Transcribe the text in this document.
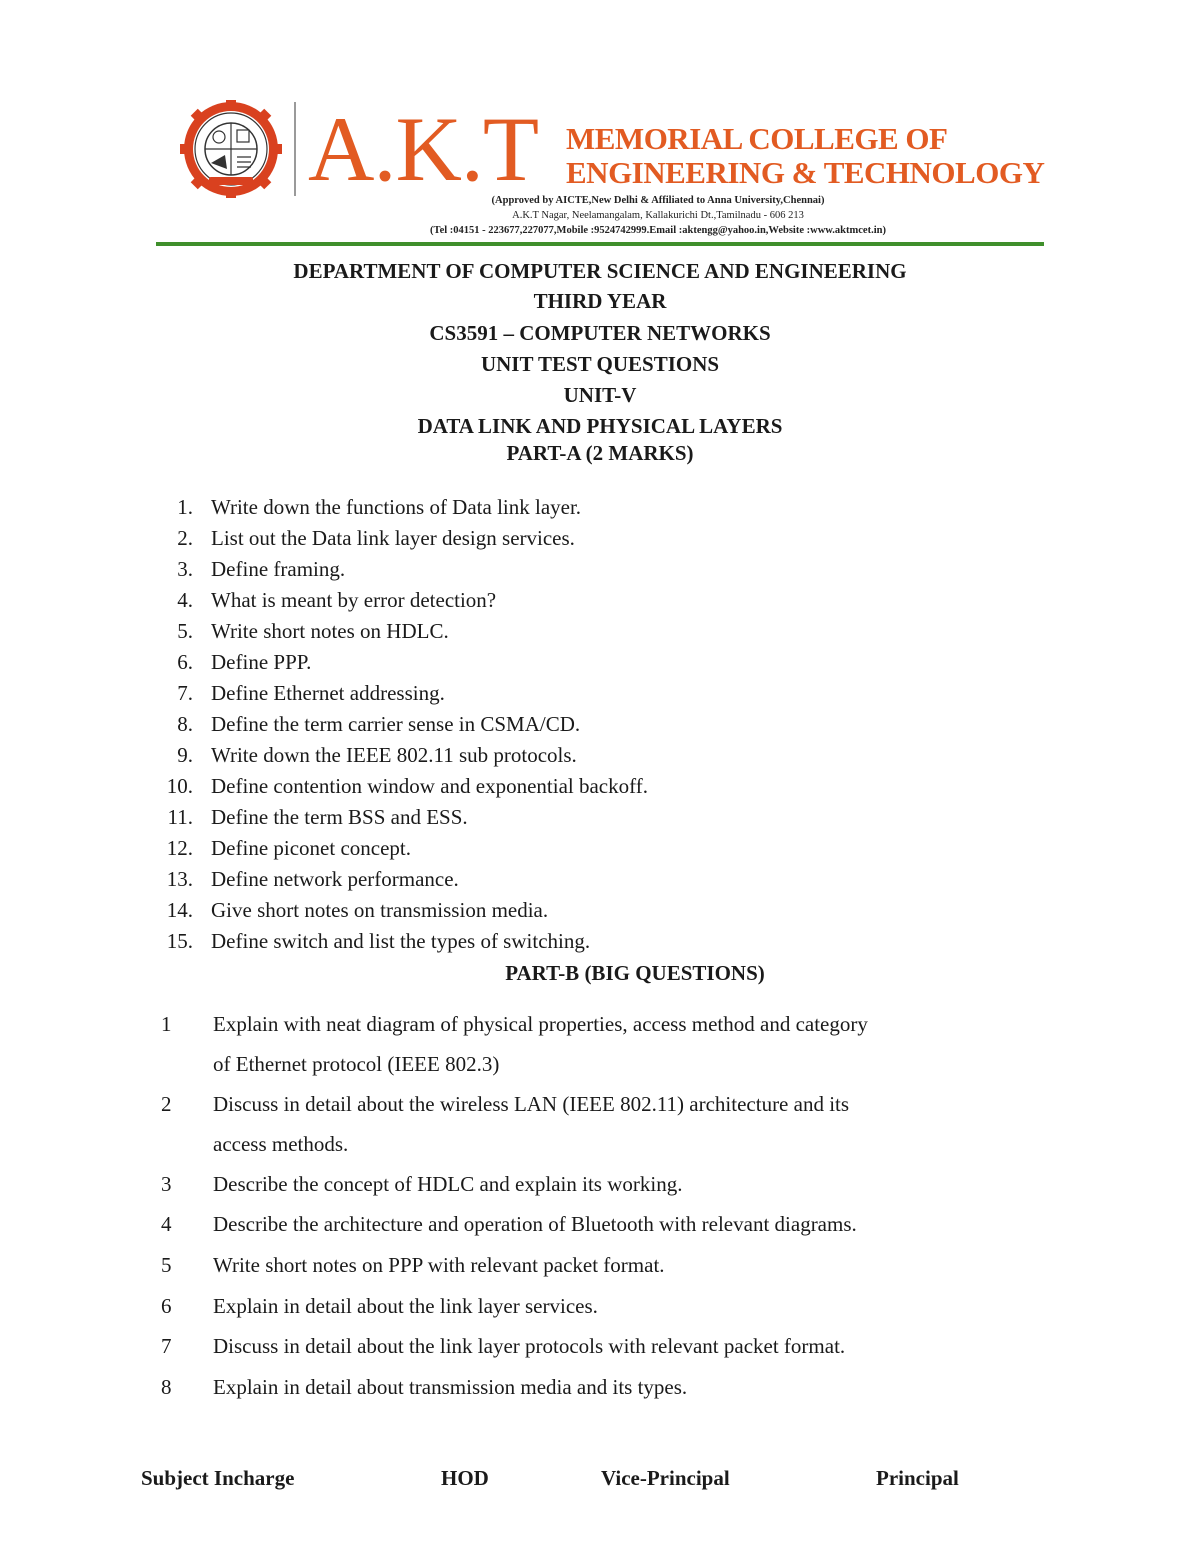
A.K.T MEMORIAL COLLEGE OF
ENGINEERING & TECHNOLOGY
(Approved by AICTE,New Delhi & Affiliated to Anna University,Chennai)
A.K.T Nagar, Neelamangalam, Kallakurichi Dt.,Tamilnadu - 606 213
(Tel :04151 - 223677,227077,Mobile :9524742999.Email :aktengg@yahoo.in,Website :www.aktmcet.in)
DEPARTMENT OF COMPUTER SCIENCE AND ENGINEERING
THIRD YEAR
CS3591 – COMPUTER NETWORKS
UNIT TEST QUESTIONS
UNIT-V
DATA LINK AND PHYSICAL LAYERS
PART-A (2 MARKS)
1. Write down the functions of Data link layer.
2. List out the Data link layer design services.
3. Define framing.
4. What is meant by error detection?
5. Write short notes on HDLC.
6. Define PPP.
7. Define Ethernet addressing.
8. Define the term carrier sense in CSMA/CD.
9. Write down the IEEE 802.11 sub protocols.
10. Define contention window and exponential backoff.
11. Define the term BSS and ESS.
12. Define piconet concept.
13. Define network performance.
14. Give short notes on transmission media.
15. Define switch and list the types of switching.
PART-B (BIG QUESTIONS)
1 Explain with neat diagram of physical properties, access method and category
of Ethernet protocol (IEEE 802.3)
2 Discuss in detail about the wireless LAN (IEEE 802.11) architecture and its
access methods.
3 Describe the concept of HDLC and explain its working.
4 Describe the architecture and operation of Bluetooth with relevant diagrams.
5 Write short notes on PPP with relevant packet format.
6 Explain in detail about the link layer services.
7 Discuss in detail about the link layer protocols with relevant packet format.
8 Explain in detail about transmission media and its types.
Subject Incharge	HOD	Vice-Principal	Principal
